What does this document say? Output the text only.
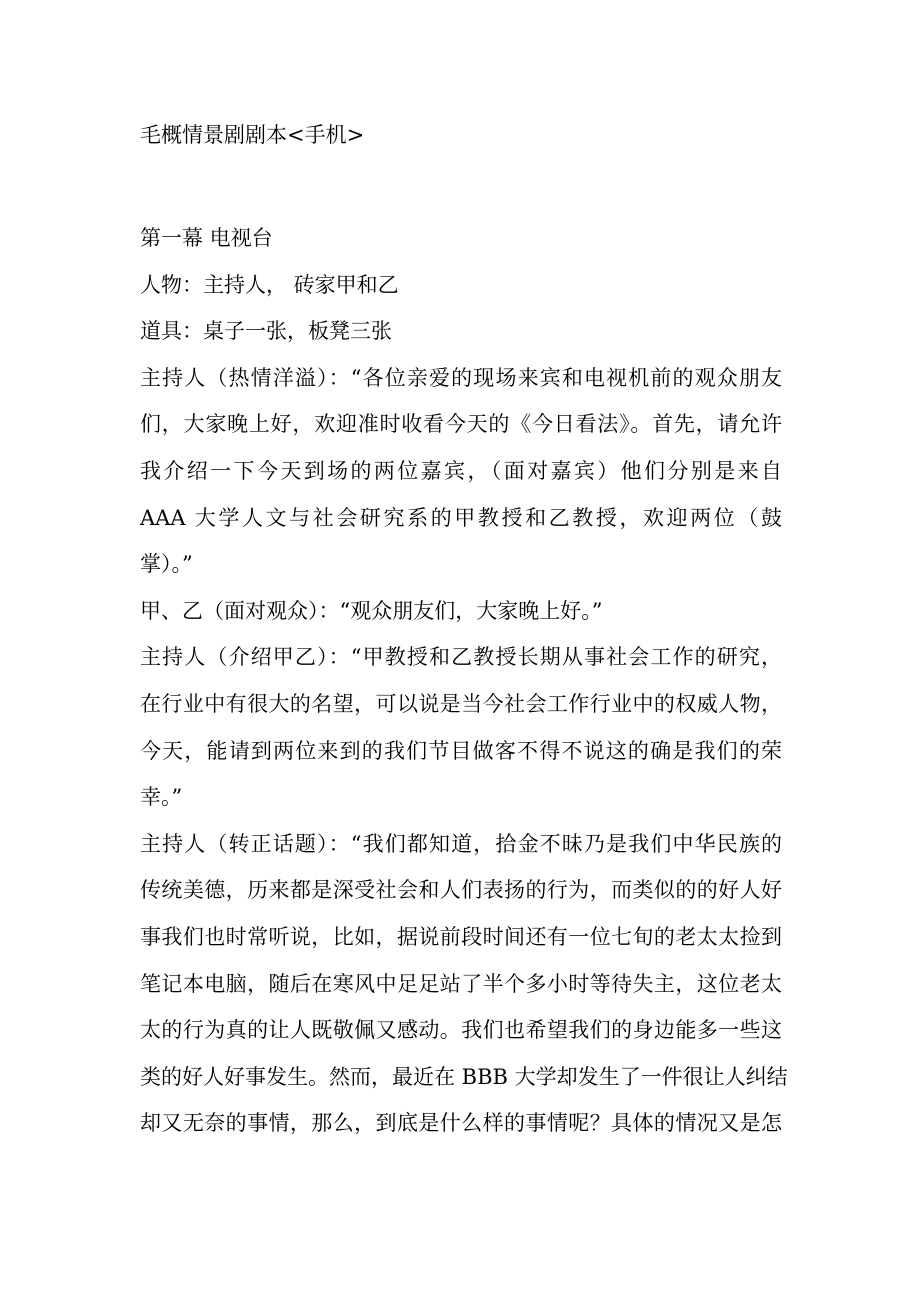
毛概情景剧剧本<手机>
第一幕 电视台
人物：主持人， 砖家甲和乙
道具：桌子一张，板凳三张
主持人（热情洋溢）：“各位亲爱的现场来宾和电视机前的观众朋友
们，大家晚上好，欢迎准时收看今天的《今日看法》。首先，请允许
我介绍一下今天到场的两位嘉宾，（面对嘉宾）他们分别是来自
AAA 大学人文与社会研究系的甲教授和乙教授，欢迎两位（鼓
掌）。”
甲、乙（面对观众）：“观众朋友们，大家晚上好。”
主持人（介绍甲乙）：“甲教授和乙教授长期从事社会工作的研究，
在行业中有很大的名望，可以说是当今社会工作行业中的权威人物，
今天，能请到两位来到的我们节目做客不得不说这的确是我们的荣
幸。”
主持人（转正话题）：“我们都知道，拾金不昧乃是我们中华民族的
传统美德，历来都是深受社会和人们表扬的行为，而类似的的好人好
事我们也时常听说，比如，据说前段时间还有一位七旬的老太太捡到
笔记本电脑，随后在寒风中足足站了半个多小时等待失主，这位老太
太的行为真的让人既敬佩又感动。我们也希望我们的身边能多一些这
类的好人好事发生。然而，最近在 BBB 大学却发生了一件很让人纠结
却又无奈的事情，那么，到底是什么样的事情呢？具体的情况又是怎
